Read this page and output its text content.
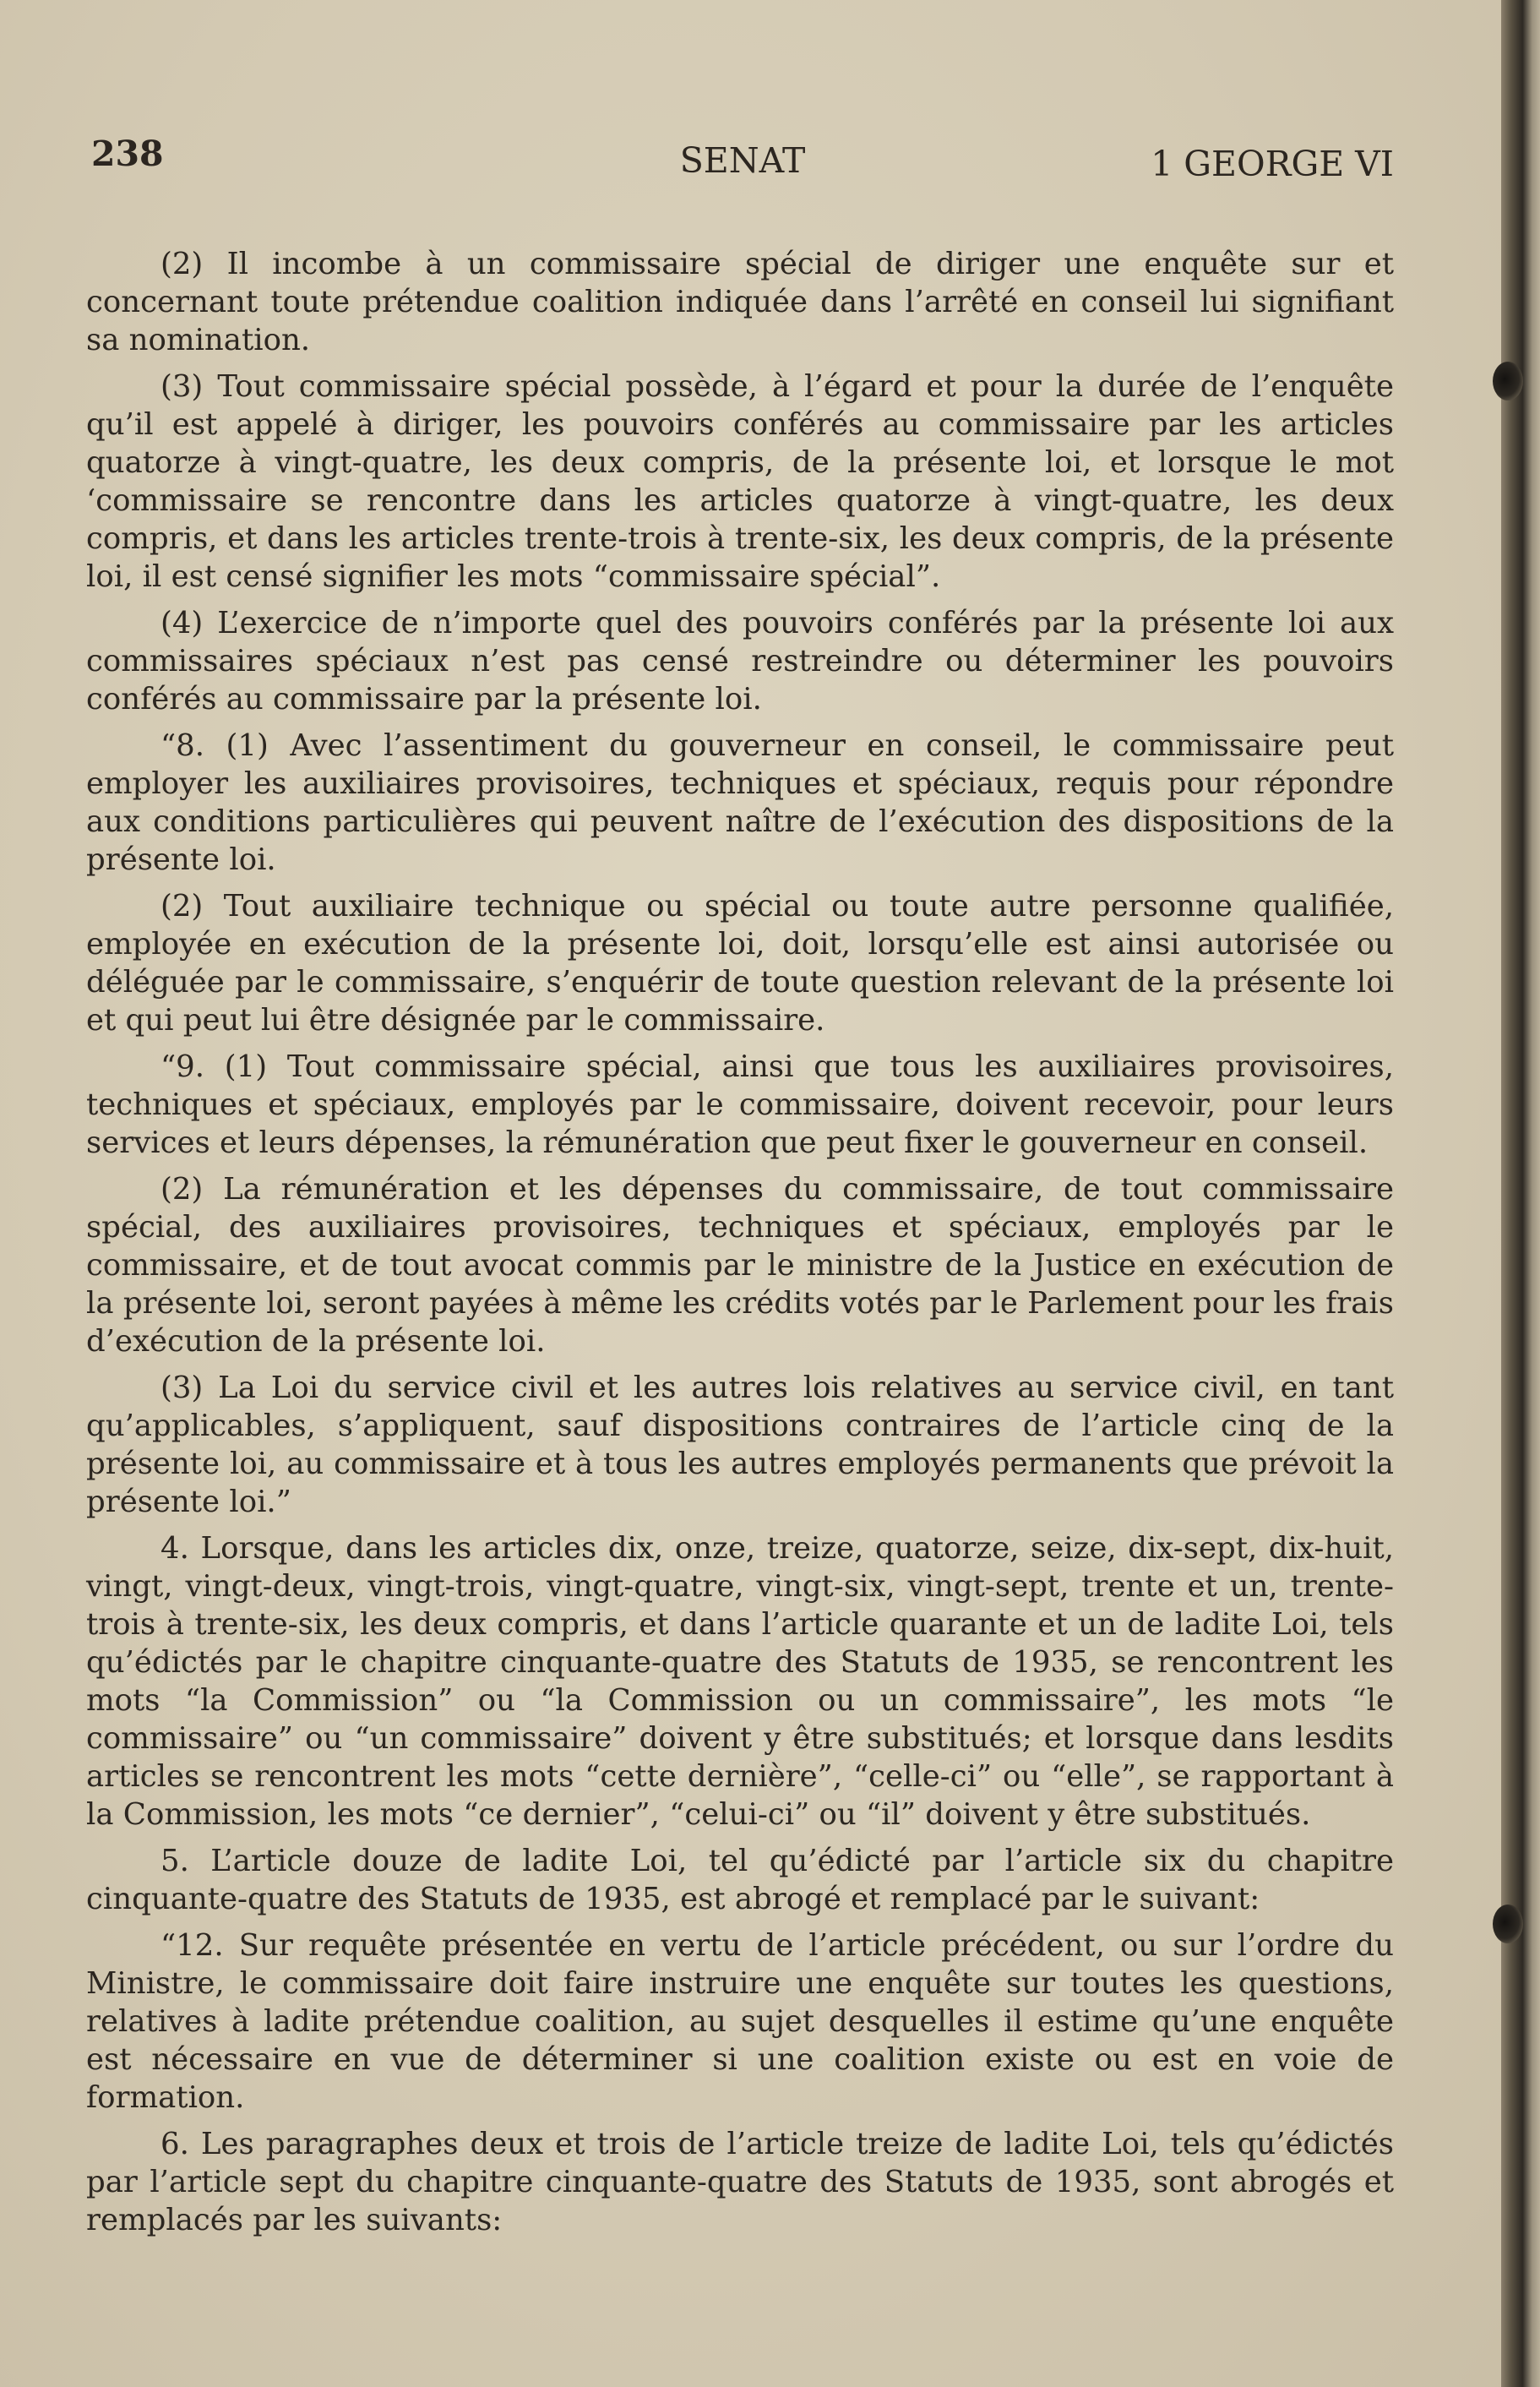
238	SENAT	1 GEORGE VI

(2) Il incombe à un commissaire spécial de diriger une enquête sur et concernant toute prétendue coalition indiquée dans l’arrêté en conseil lui signifiant sa nomination.

(3) Tout commissaire spécial possède, à l’égard et pour la durée de l’enquête qu’il est appelé à diriger, les pouvoirs conférés au commissaire par les articles quatorze à vingt-quatre, les deux compris, de la présente loi, et lorsque le mot ‘commissaire se rencontre dans les articles quatorze à vingt-quatre, les deux compris, et dans les articles trente-trois à trente-six, les deux compris, de la présente loi, il est censé signifier les mots “commissaire spécial”.

(4) L’exercice de n’importe quel des pouvoirs conférés par la présente loi aux commissaires spéciaux n’est pas censé restreindre ou déterminer les pouvoirs conférés au commissaire par la présente loi.

“8. (1) Avec l’assentiment du gouverneur en conseil, le commissaire peut employer les auxiliaires provisoires, techniques et spéciaux, requis pour répondre aux conditions particulières qui peuvent naître de l’exécution des dispositions de la présente loi.

(2) Tout auxiliaire technique ou spécial ou toute autre personne qualifiée, employée en exécution de la présente loi, doit, lorsqu’elle est ainsi autorisée ou déléguée par le commissaire, s’enquérir de toute question relevant de la présente loi et qui peut lui être désignée par le commissaire.

“9. (1) Tout commissaire spécial, ainsi que tous les auxiliaires provisoires, techniques et spéciaux, employés par le commissaire, doivent recevoir, pour leurs services et leurs dépenses, la rémunération que peut fixer le gouverneur en conseil.

(2) La rémunération et les dépenses du commissaire, de tout commissaire spécial, des auxiliaires provisoires, techniques et spéciaux, employés par le commissaire, et de tout avocat commis par le ministre de la Justice en exécution de la présente loi, seront payées à même les crédits votés par le Parlement pour les frais d’exécution de la présente loi.

(3) La Loi du service civil et les autres lois relatives au service civil, en tant qu’applicables, s’appliquent, sauf dispositions contraires de l’article cinq de la présente loi, au commissaire et à tous les autres employés permanents que prévoit la présente loi.”

4. Lorsque, dans les articles dix, onze, treize, quatorze, seize, dix-sept, dix-huit, vingt, vingt-deux, vingt-trois, vingt-quatre, vingt-six, vingt-sept, trente et un, trente-trois à trente-six, les deux compris, et dans l’article quarante et un de ladite Loi, tels qu’édictés par le chapitre cinquante-quatre des Statuts de 1935, se rencontrent les mots “la Commission” ou “la Commission ou un commissaire”, les mots “le commissaire” ou “un commissaire” doivent y être substitués; et lorsque dans lesdits articles se rencontrent les mots “cette dernière”, “celle-ci” ou “elle”, se rapportant à la Commission, les mots “ce dernier”, “celui-ci” ou “il” doivent y être substitués.

5. L’article douze de ladite Loi, tel qu’édicté par l’article six du chapitre cinquante-quatre des Statuts de 1935, est abrogé et remplacé par le suivant:

“12. Sur requête présentée en vertu de l’article précédent, ou sur l’ordre du Ministre, le commissaire doit faire instruire une enquête sur toutes les questions, relatives à ladite prétendue coalition, au sujet desquelles il estime qu’une enquête est nécessaire en vue de déterminer si une coalition existe ou est en voie de formation.

6. Les paragraphes deux et trois de l’article treize de ladite Loi, tels qu’édictés par l’article sept du chapitre cinquante-quatre des Statuts de 1935, sont abrogés et remplacés par les suivants:
